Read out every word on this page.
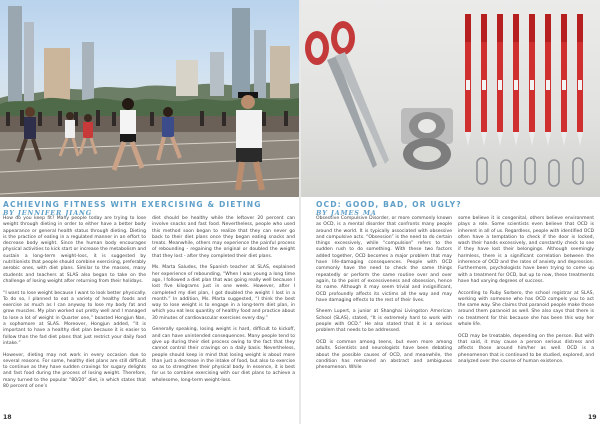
ACHIEVING FITNESS WITH EXERCISING & DIETING
BY JENNIFER JIANG

How do you keep fit? Many people today are trying to lose weight through dieting in order to either have a better body appearance or general health status through dieting. Dieting is the practice of eating in a regulated manner in an effort to decrease body weight. Since the human body encourages physical activities to kick start or increase the metabolism and sustain a long-term weight-loss, it is suggested by nutritionists that people should combine exercising, preferably aerobic ones, with diet plans. Similar to the masses, many students and teachers at SLAS also began to take on the challenge of losing weight after returning from their holidays.

“I want to lose weight because I want to look better physically. To do so, I planned to eat a variety of healthy foods and exercise as much as I can anyway to lose my body fat and grow muscles. My plan worked out pretty well and I managed to lose a lot of weight in Quarter one,” boasted Hongjun Nan, a sophomore at SLAS. Moreover, Hongjun added, “It is important to have a healthy diet plan because it is easier to follow than the fad diet plans that just restrict your daily food intake.”

However, dieting may not work in every occasion due to several reasons. For some, healthy diet plans are still difficult to continue as they have sudden cravings for sugary delights and fast food during the process of losing weight. Therefore, many turned to the popular “80/20” diet, in which states that 80 percent of one’s

diet should be healthy while the leftover 20 percent can involve snacks and fast food. Nevertheless, people who used this method soon began to realize that they can never go back to their diet plans once they began eating snacks and treats. Meanwhile, others may experience the painful process of rebounding - regaining the original or doubled the weight that they lost - after they completed their diet plans.

Ms. Marta Saludes, the Spanish teacher at SLAS, explained her experience of rebounding, “When I was young a long time ago, I followed a diet plan that was going really well because I lost five kilograms just in one week. However, after I completed my diet plan, I got doubled the weight I lost in a month.” In addition, Ms. Marta suggested, “I think the best way to lose weight is to engage in a long-term diet plan, in which you eat less quantity of healthy food and practice about 30 minutes of cardiovascular exercises every day.”

Generally speaking, losing weight is hard, difficult to kickoff, and can have unintended consequences. Many people tend to give up during their diet process owing to the fact that they cannot control their cravings on a daily basis. Nevertheless, people should keep in mind that losing weight is about more than just a decrease in the intake of food, but also to exercise so as to strengthen their physical body. In essence, it is best for us to combine exercising with our diet plans to achieve a wholesome, long-term weight-loss.

18
OCD: GOOD, BAD, OR UGLY?
BY JAMES MA

Obsessive Compulsive Disorder, or more commonly known as OCD, is a mental disorder that confronts many people around the world. It is typically associated with obsessive and compulsive acts. “Obsession” is the need to do certain things excessively, while “compulsion” refers to the sudden rush to do something. With these two factors added together, OCD becomes a major problem that may have life-damaging consequences. People with OCD commonly have the need to check the same things repeatedly or perform the same routine over and over again, to the point of excessiveness and obsession, hence its name. Although it may seem trivial and insignificant, OCD profoundly affects its victims all the way and may have damaging effects to the rest of their lives.

Sheem Lupert, a junior at Shanghai Livingston American School (SLAS), stated, “It is extremely hard to work with people with OCD.” He also stated that it is a serious problem that needs to be addressed.

OCD is common among teens, but even more among adults. Scientists and neurologists have been debating about the possible causes of OCD, and meanwhile, the condition has remained an abstract and ambiguous phenomenon. While

some believe it is congenital, others believe environment plays a role. Some scientists even believe that OCD is inherent in all of us. Regardless, people with identified OCD often have a temptation to check if the door is locked, wash their hands excessively, and constantly check to see if they have lost their belongings. Although seemingly harmless, there is a significant correlation between the inherence of OCD and the rates of anxiety and depression. Furthermore, psychologists have been trying to come up with a treatment for OCD, but up to now, these treatments have had varying degrees of success.

According to Ruby Sorbero, the school registrar at SLAS, working with someone who has OCD compels you to act the same way. She claims that paranoid people make those around them paranoid as well. She also says that there is no treatment for this because she has been this way her whole life.

OCD may be treatable, depending on the person. But with that said, it may cause a person serious distress and affects those around him/her as well. OCD is a phenomenon that is continued to be studied, explored, and analyzed over the course of human existence.

19
